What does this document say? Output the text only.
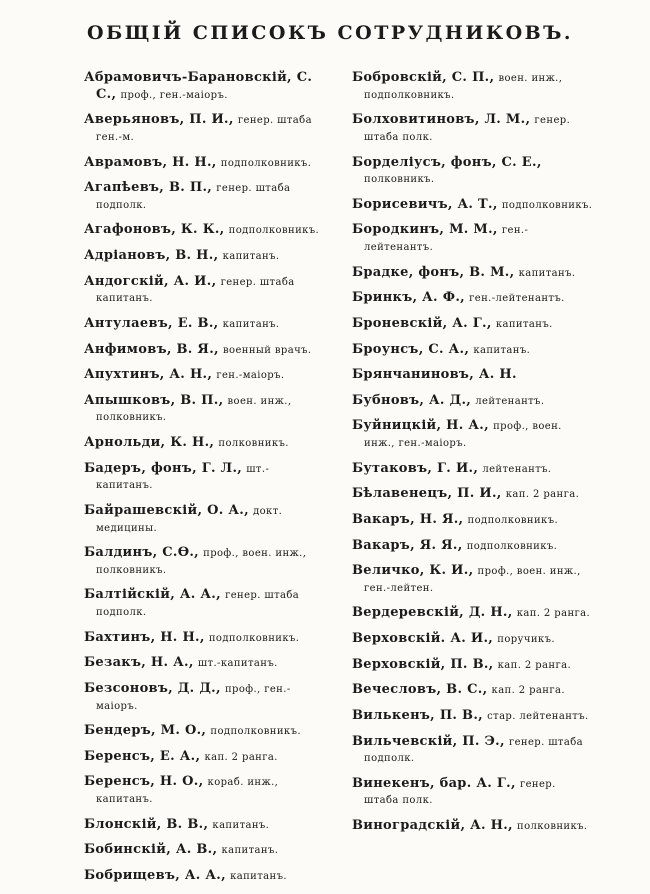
ОБЩІЙ СПИСОКЪ СОТРУДНИКОВЪ.
Абрамовичъ-Барановскій, С. С., проф., ген.-маіоръ.
Аверьяновъ, П. И., генер. штаба ген.-м.
Аврамовъ, Н. Н., подполковникъ.
Агапѣевъ, В. П., генер. штаба подполк.
Агафоновъ, К. К., подполковникъ.
Адріановъ, В. Н., капитанъ.
Андогскій, А. И., генер. штаба капитанъ.
Антулаевъ, Е. В., капитанъ.
Анфимовъ, В. Я., военный врачъ.
Апухтинъ, А. Н., ген.-маіоръ.
Апышковъ, В. П., воен. инж., полковникъ.
Арнольди, К. Н., полковникъ.
Бадеръ, фонъ, Г. Л., шт.-капитанъ.
Байрашевскій, О. А., докт. медицины.
Балдинъ, С.Ѳ., проф., воен. инж., полковникъ.
Балтійскій, А. А., генер. штаба подполк.
Бахтинъ, Н. Н., подполковникъ.
Безакъ, Н. А., шт.-капитанъ.
Безсоновъ, Д. Д., проф., ген.-маіоръ.
Бендеръ, М. О., подполковникъ.
Беренсъ, Е. А., кап. 2 ранга.
Беренсъ, Н. О., кораб. инж., капитанъ.
Блонскій, В. В., капитанъ.
Бобинскій, А. В., капитанъ.
Бобрищевъ, А. А., капитанъ.
Бобровскій, С. П., воен. инж., подполковникъ.
Болховитиновъ, Л. М., генер. штаба полк.
Борделіусъ, фонъ, С. Е., полковникъ.
Борисевичъ, А. Т., подполковникъ.
Бородкинъ, М. М., ген.-лейтенантъ.
Брадке, фонъ, В. М., капитанъ.
Бринкъ, А. Ф., ген.-лейтенантъ.
Броневскій, А. Г., капитанъ.
Броунсъ, С. А., капитанъ.
Брянчаниновъ, А. Н.
Бубновъ, А. Д., лейтенантъ.
Буйницкій, Н. А., проф., воен. инж., ген.-маіоръ.
Бутаковъ, Г. И., лейтенантъ.
Бѣлавенецъ, П. И., кап. 2 ранга.
Вакаръ, Н. Я., подполковникъ.
Вакаръ, Я. Я., подполковникъ.
Величко, К. И., проф., воен. инж., ген.-лейтен.
Вердеревскій, Д. Н., кап. 2 ранга.
Верховскій. А. И., поручикъ.
Верховскій, П. В., кап. 2 ранга.
Вечесловъ, В. С., кап. 2 ранга.
Вилькенъ, П. В., стар. лейтенантъ.
Вильчевскій, П. Э., генер. штаба подполк.
Винекенъ, бар. А. Г., генер. штаба полк.
Виноградскій, А. Н., полковникъ.
